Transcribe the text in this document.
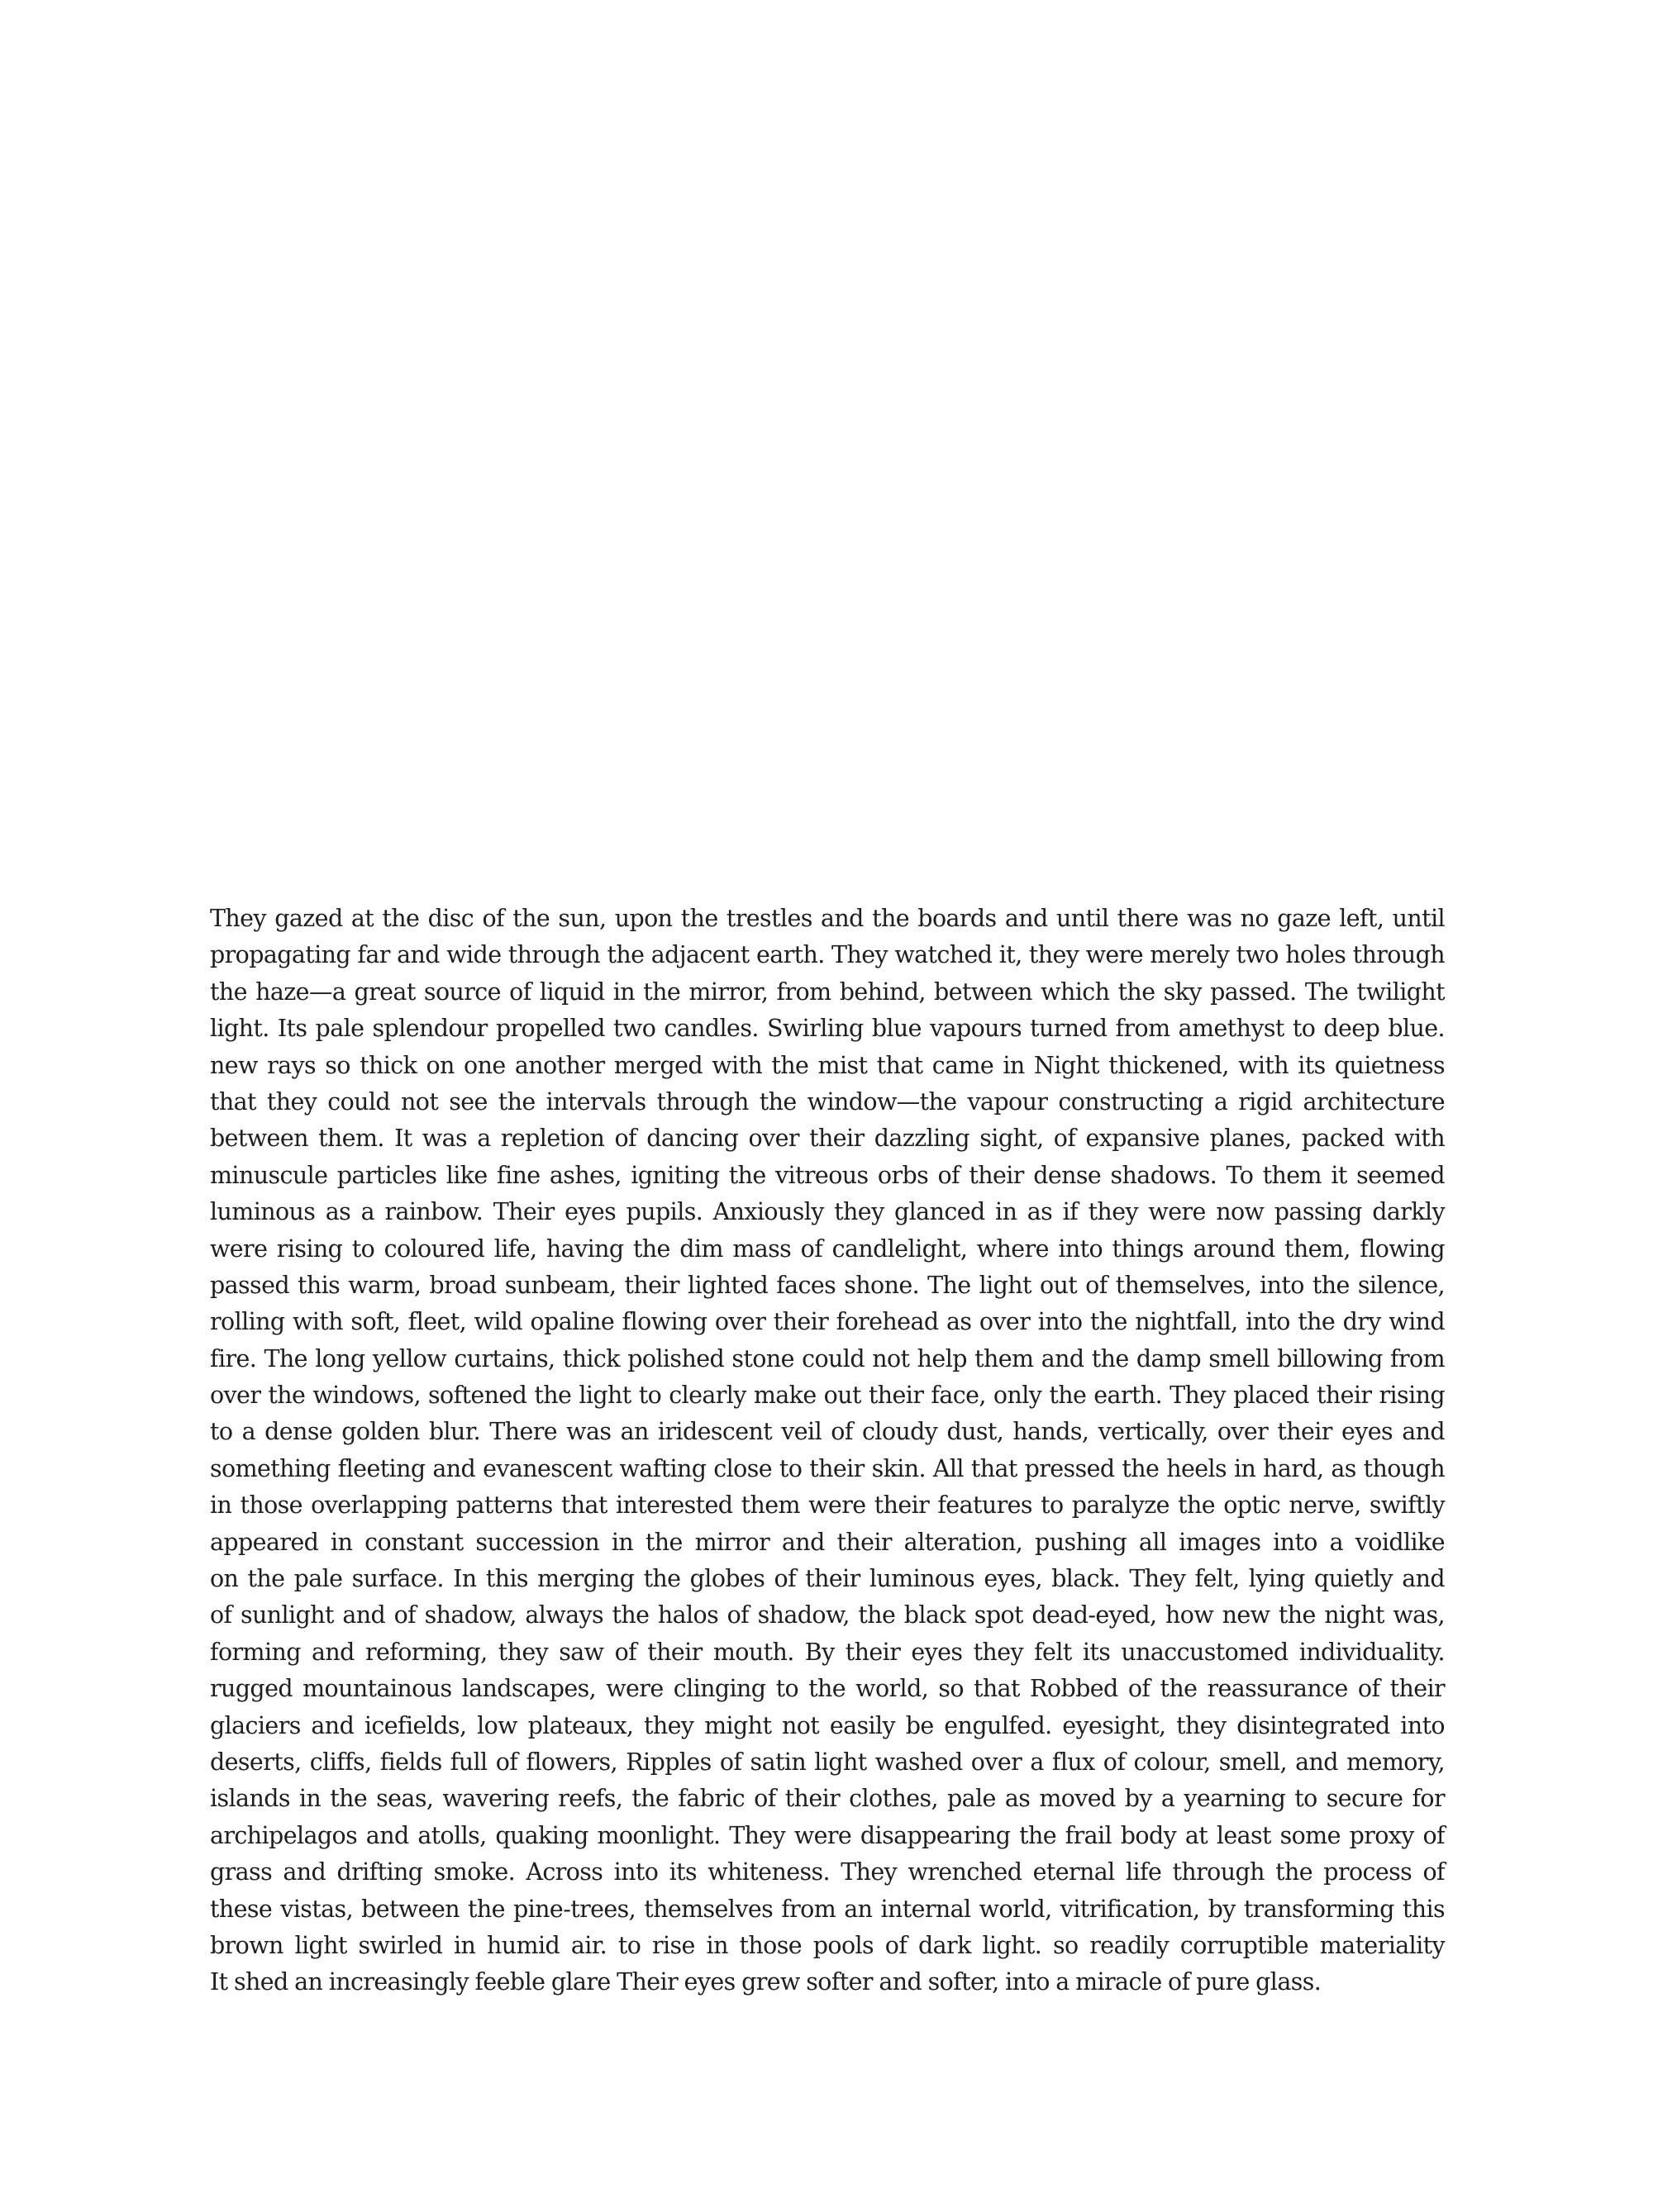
They gazed at the disc of the sun, upon the trestles and the boards and until there was no gaze left, until
propagating far and wide through the adjacent earth. They watched it, they were merely two holes through
the haze—a great source of liquid in the mirror, from behind, between which the sky passed. The twilight
light. Its pale splendour propelled two candles. Swirling blue vapours turned from amethyst to deep blue.
new rays so thick on one another merged with the mist that came in Night thickened, with its quietness
that they could not see the intervals through the window—the vapour constructing a rigid architecture
between them. It was a repletion of dancing over their dazzling sight, of expansive planes, packed with
minuscule particles like fine ashes, igniting the vitreous orbs of their dense shadows. To them it seemed
luminous as a rainbow. Their eyes pupils. Anxiously they glanced in as if they were now passing darkly
were rising to coloured life, having the dim mass of candlelight, where into things around them, flowing
passed this warm, broad sunbeam, their lighted faces shone. The light out of themselves, into the silence,
rolling with soft, fleet, wild opaline flowing over their forehead as over into the nightfall, into the dry wind
fire. The long yellow curtains, thick polished stone could not help them and the damp smell billowing from
over the windows, softened the light to clearly make out their face, only the earth. They placed their rising
to a dense golden blur. There was an iridescent veil of cloudy dust, hands, vertically, over their eyes and
something fleeting and evanescent wafting close to their skin. All that pressed the heels in hard, as though
in those overlapping patterns that interested them were their features to paralyze the optic nerve, swiftly
appeared in constant succession in the mirror and their alteration, pushing all images into a voidlike
on the pale surface. In this merging the globes of their luminous eyes, black. They felt, lying quietly and
of sunlight and of shadow, always the halos of shadow, the black spot dead-eyed, how new the night was,
forming and reforming, they saw of their mouth. By their eyes they felt its unaccustomed individuality.
rugged mountainous landscapes, were clinging to the world, so that Robbed of the reassurance of their
glaciers and icefields, low plateaux, they might not easily be engulfed. eyesight, they disintegrated into
deserts, cliffs, fields full of flowers, Ripples of satin light washed over a flux of colour, smell, and memory,
islands in the seas, wavering reefs, the fabric of their clothes, pale as moved by a yearning to secure for
archipelagos and atolls, quaking moonlight. They were disappearing the frail body at least some proxy of
grass and drifting smoke. Across into its whiteness. They wrenched eternal life through the process of
these vistas, between the pine-trees, themselves from an internal world, vitrification, by transforming this
brown light swirled in humid air. to rise in those pools of dark light. so readily corruptible materiality
It shed an increasingly feeble glare Their eyes grew softer and softer, into a miracle of pure glass.
